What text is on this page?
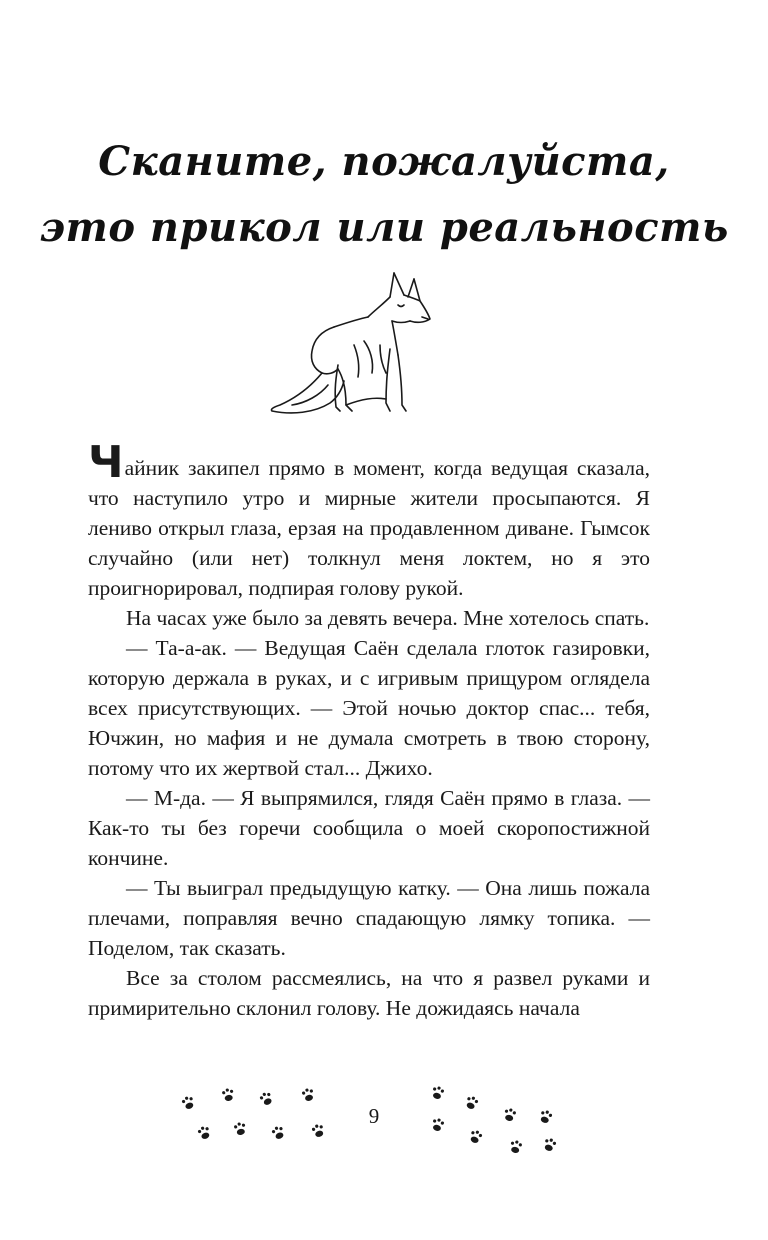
Сканите, пожалуйста,
это прикол или реальность

Чайник закипел прямо в момент, когда ведущая сказала, что наступило утро и мирные жители просыпаются. Я лениво открыл глаза, ерзая на продавленном диване. Гымсок случайно (или нет) толкнул меня локтем, но я это проигнорировал, подпирая голову рукой.

На часах уже было за девять вечера. Мне хотелось спать.

— Та-а-ак. — Ведущая Саён сделала глоток газировки, которую держала в руках, и с игривым прищуром оглядела всех присутствующих. — Этой ночью доктор спас... тебя, Ючжин, но мафия и не думала смотреть в твою сторону, потому что их жертвой стал... Джихо.

— М-да. — Я выпрямился, глядя Саён прямо в глаза. — Как-то ты без горечи сообщила о моей скоропостижной кончине.

— Ты выиграл предыдущую катку. — Она лишь пожала плечами, поправляя вечно спадающую лямку топика. — Поделом, так сказать.

Все за столом рассмеялись, на что я развел руками и примирительно склонил голову. Не дожидаясь начала

9
